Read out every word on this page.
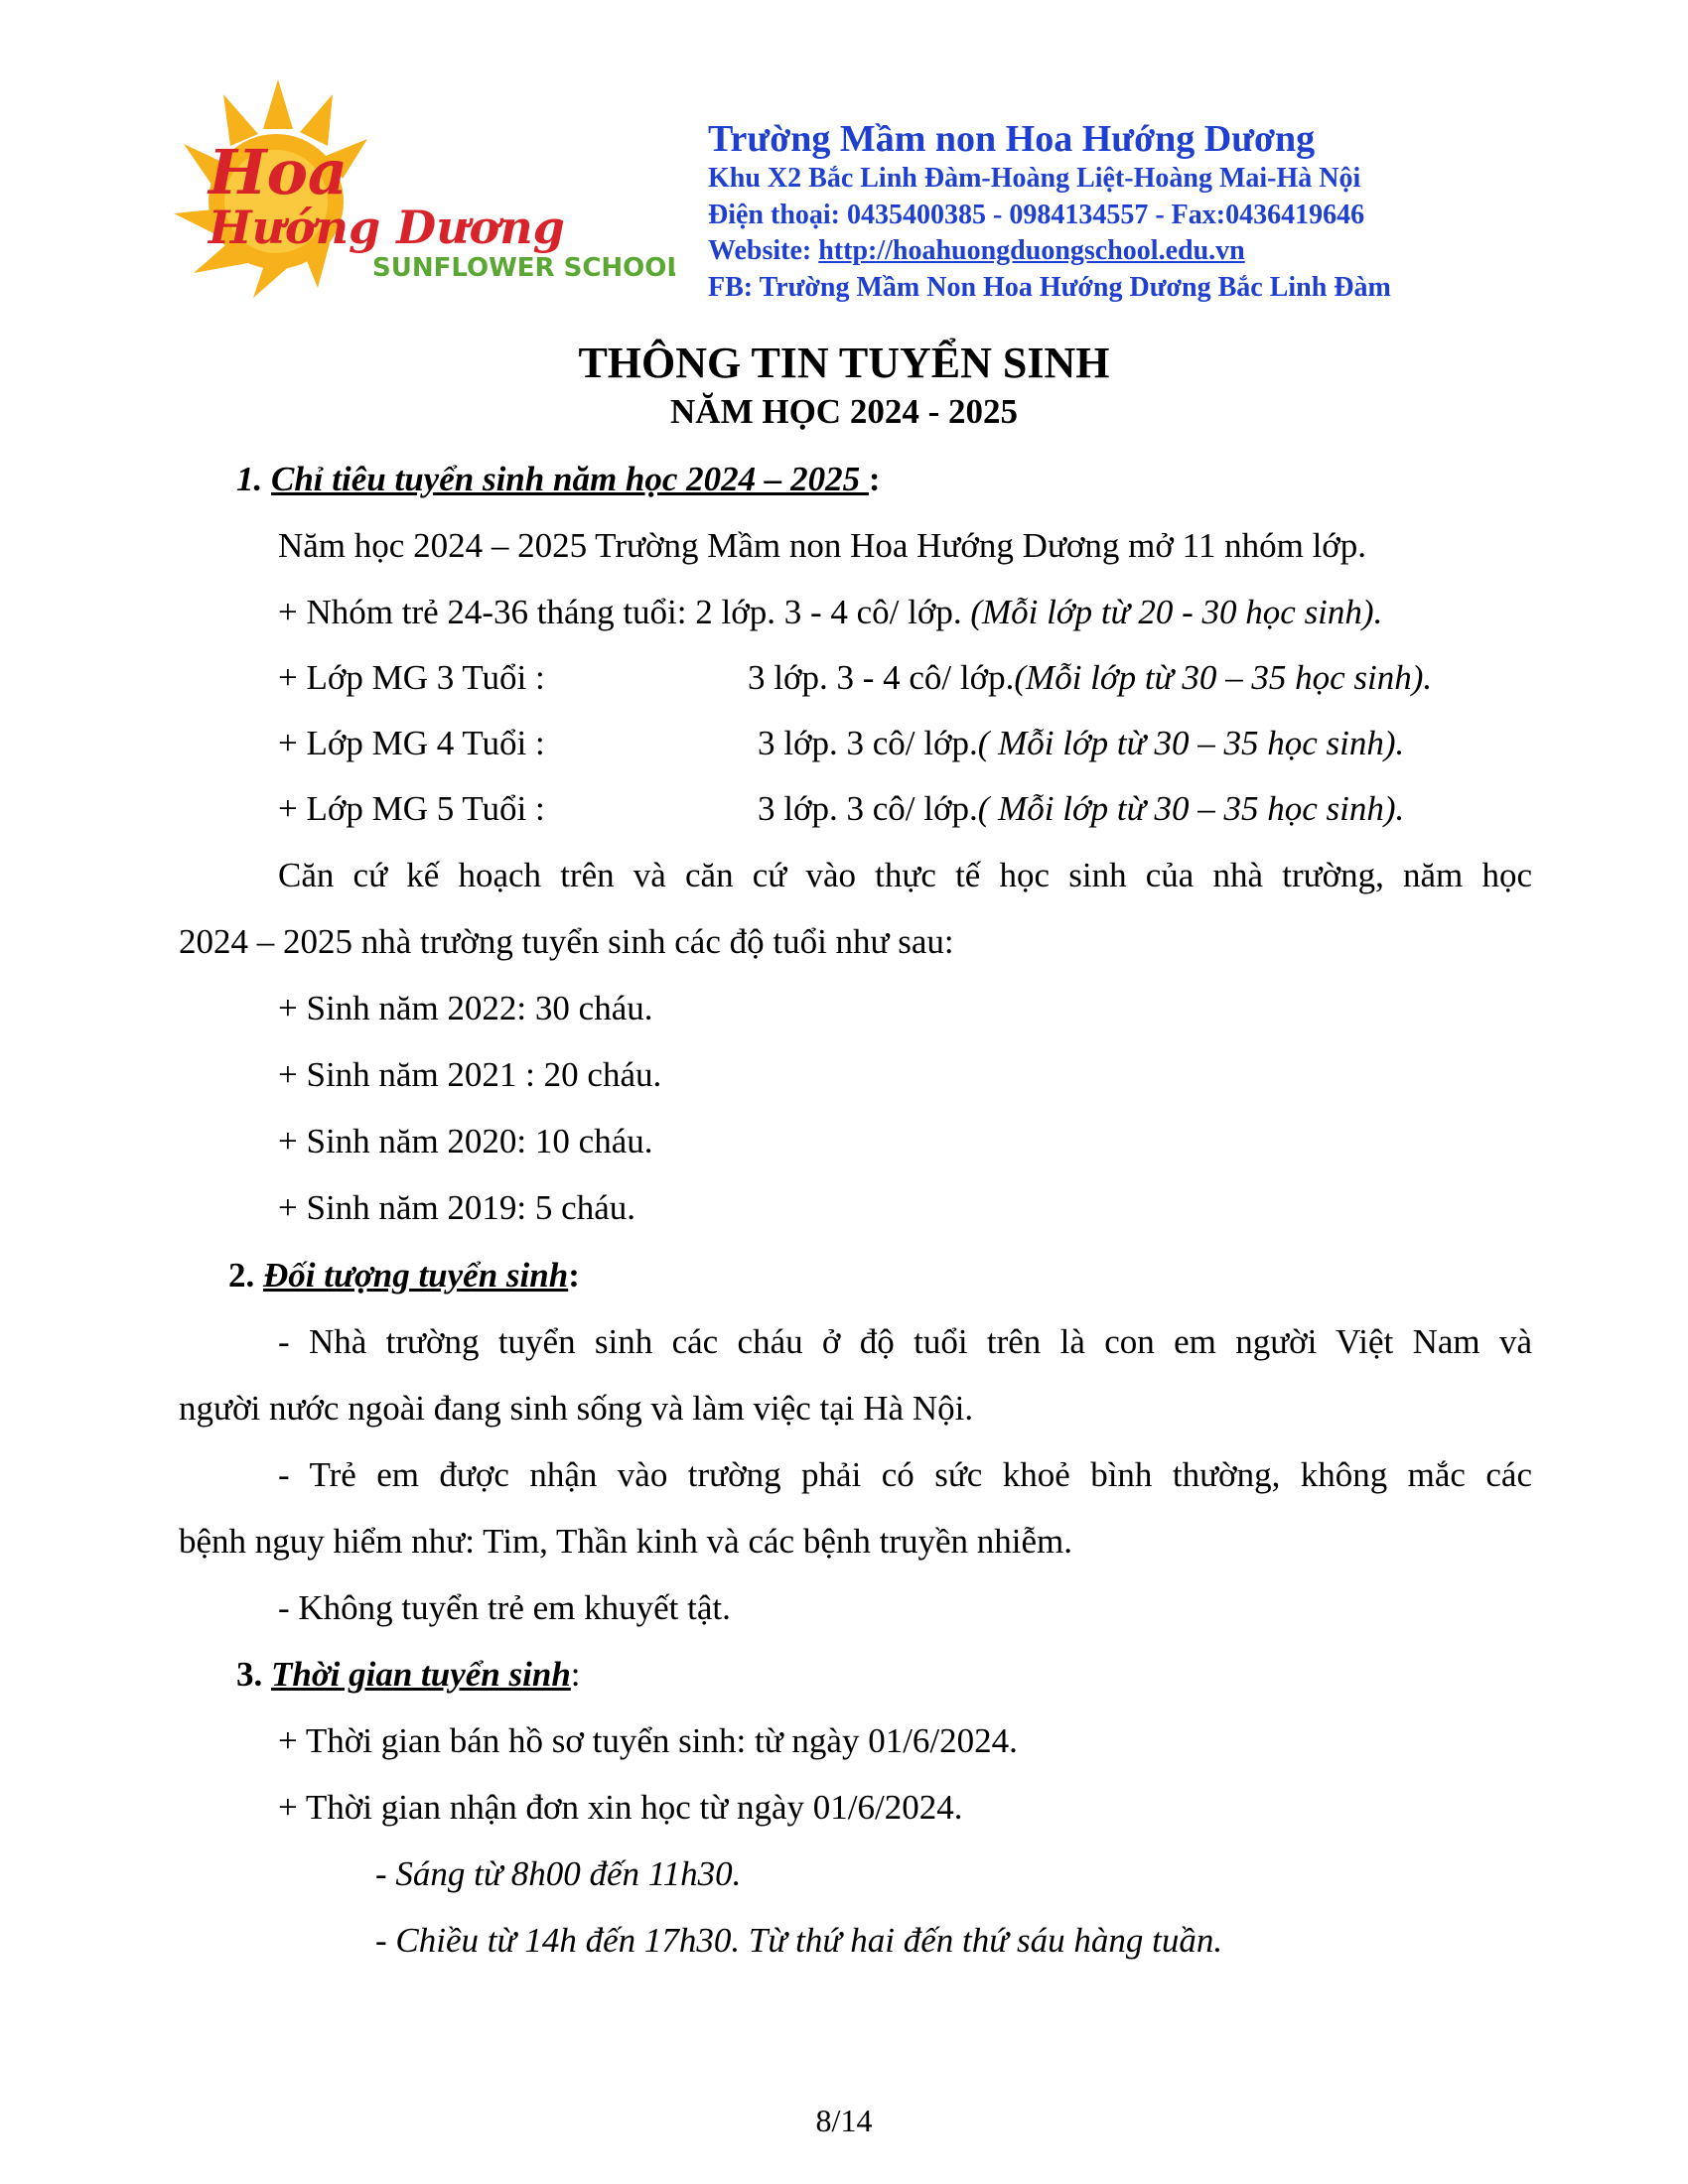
Hoa
Hướng Dương
SUNFLOWER SCHOOL
Trường Mầm non Hoa Hướng Dương
Khu X2 Bắc Linh Đàm-Hoàng Liệt-Hoàng Mai-Hà Nội
Điện thoại: 0435400385 - 0984134557 - Fax:0436419646
Website: http://hoahuongduongschool.edu.vn
FB: Trường Mầm Non Hoa Hướng Dương Bắc Linh Đàm
THÔNG TIN TUYỂN SINH
NĂM HỌC 2024 - 2025
1. Chỉ tiêu tuyển sinh năm học 2024 – 2025 :
Năm học 2024 – 2025 Trường Mầm non Hoa Hướng Dương mở 11 nhóm lớp.
+ Nhóm trẻ 24-36 tháng tuổi: 2 lớp. 3 - 4 cô/ lớp. (Mỗi lớp từ 20 - 30 học sinh).
+ Lớp MG 3 Tuổi :	3 lớp. 3 - 4 cô/ lớp.(Mỗi lớp từ 30 – 35 học sinh).
+ Lớp MG 4 Tuổi :	3 lớp. 3 cô/ lớp.( Mỗi lớp từ 30 – 35 học sinh).
+ Lớp MG 5 Tuổi :	3 lớp. 3 cô/ lớp.( Mỗi lớp từ 30 – 35 học sinh).
Căn cứ kế hoạch trên và căn cứ vào thực tế học sinh của nhà trường, năm học
2024 – 2025 nhà trường tuyển sinh các độ tuổi như sau:
+ Sinh năm 2022: 30 cháu.
+ Sinh năm 2021 : 20 cháu.
+ Sinh năm 2020: 10 cháu.
+ Sinh năm 2019: 5 cháu.
2. Đối tượng tuyển sinh:
- Nhà trường tuyển sinh các cháu ở độ tuổi trên là con em người Việt Nam và
người nước ngoài đang sinh sống và làm việc tại Hà Nội.
- Trẻ em được nhận vào trường phải có sức khoẻ bình thường, không mắc các
bệnh nguy hiểm như: Tim, Thần kinh và các bệnh truyền nhiễm.
- Không tuyển trẻ em khuyết tật.
3. Thời gian tuyển sinh:
+ Thời gian bán hồ sơ tuyển sinh: từ ngày 01/6/2024.
+ Thời gian nhận đơn xin học từ ngày 01/6/2024.
- Sáng từ 8h00 đến 11h30.
- Chiều từ 14h đến 17h30. Từ thứ hai đến thứ sáu hàng tuần.
8/14
